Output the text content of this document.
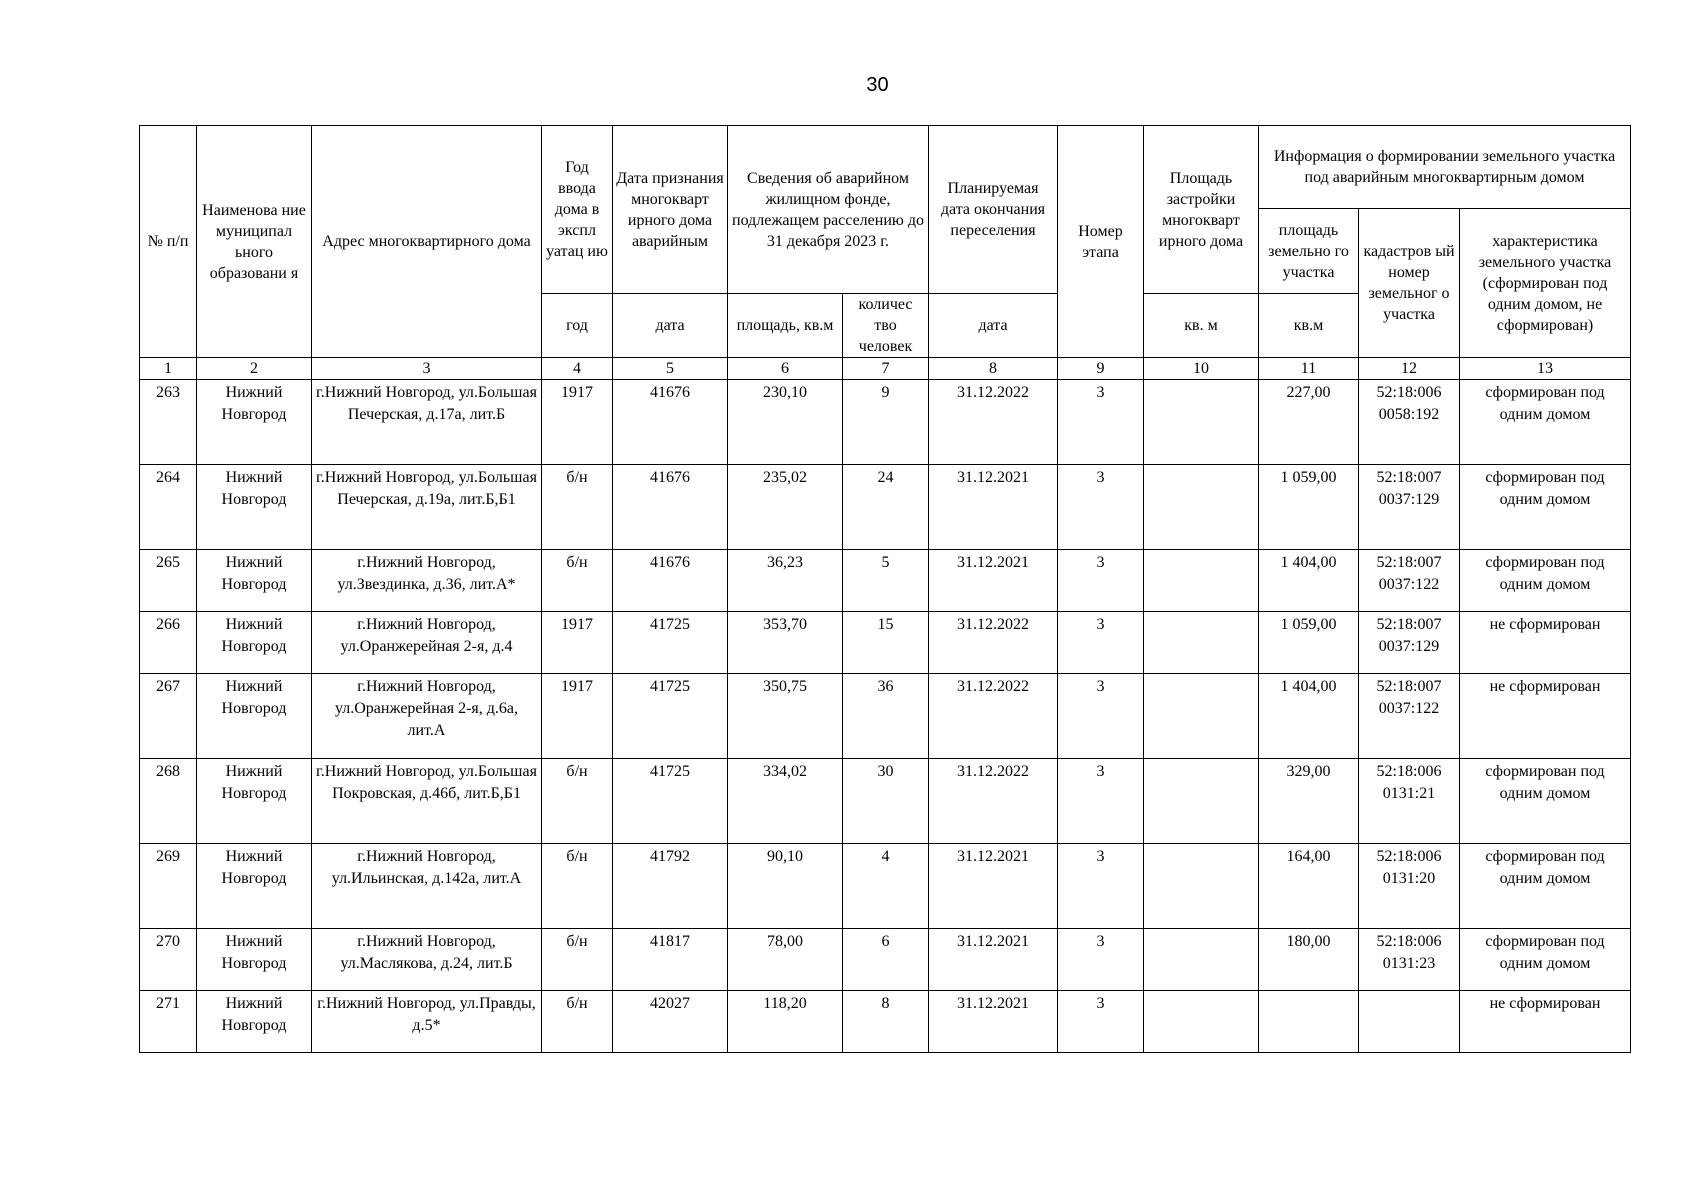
30
№ п/п	Наименова ние муниципал ьного образовани я	Адрес многоквартирного дома	Год ввода дома в экспл уатац ию	Дата признания многокварт ирного дома аварийным	Сведения об аварийном жилищном фонде, подлежащем расселению до 31 декабря 2023 г.		Планируемая дата окончания переселения	Номер этапа	Площадь застройки многокварт ирного дома	Информация о формировании земельного участка под аварийным многоквартирным домом		
										площадь земельно го участка	кадастров ый номер земельног о участка	характеристика земельного участка (сформирован под одним домом, не сформирован)
			год	дата	площадь, кв.м	количес тво человек	дата		кв. м	кв.м		
1	2	3	4	5	6	7	8	9	10	11	12	13
263	Нижний Новгород	г.Нижний Новгород, ул.Большая Печерская, д.17а, лит.Б	1917	41676	230,10	9	31.12.2022	3		227,00	52:18:006 0058:192	сформирован под одним домом
264	Нижний Новгород	г.Нижний Новгород, ул.Большая Печерская, д.19а, лит.Б,Б1	б/н	41676	235,02	24	31.12.2021	3		1 059,00	52:18:007 0037:129	сформирован под одним домом
265	Нижний Новгород	г.Нижний Новгород, ул.Звездинка, д.36, лит.А*	б/н	41676	36,23	5	31.12.2021	3		1 404,00	52:18:007 0037:122	сформирован под одним домом
266	Нижний Новгород	г.Нижний Новгород, ул.Оранжерейная 2-я, д.4	1917	41725	353,70	15	31.12.2022	3		1 059,00	52:18:007 0037:129	не сформирован
267	Нижний Новгород	г.Нижний Новгород, ул.Оранжерейная 2-я, д.6а, лит.А	1917	41725	350,75	36	31.12.2022	3		1 404,00	52:18:007 0037:122	не сформирован
268	Нижний Новгород	г.Нижний Новгород, ул.Большая Покровская, д.46б, лит.Б,Б1	б/н	41725	334,02	30	31.12.2022	3		329,00	52:18:006 0131:21	сформирован под одним домом
269	Нижний Новгород	г.Нижний Новгород, ул.Ильинская, д.142а, лит.А	б/н	41792	90,10	4	31.12.2021	3		164,00	52:18:006 0131:20	сформирован под одним домом
270	Нижний Новгород	г.Нижний Новгород, ул.Маслякова, д.24, лит.Б	б/н	41817	78,00	6	31.12.2021	3		180,00	52:18:006 0131:23	сформирован под одним домом
271	Нижний Новгород	г.Нижний Новгород, ул.Правды, д.5*	б/н	42027	118,20	8	31.12.2021	3				не сформирован
